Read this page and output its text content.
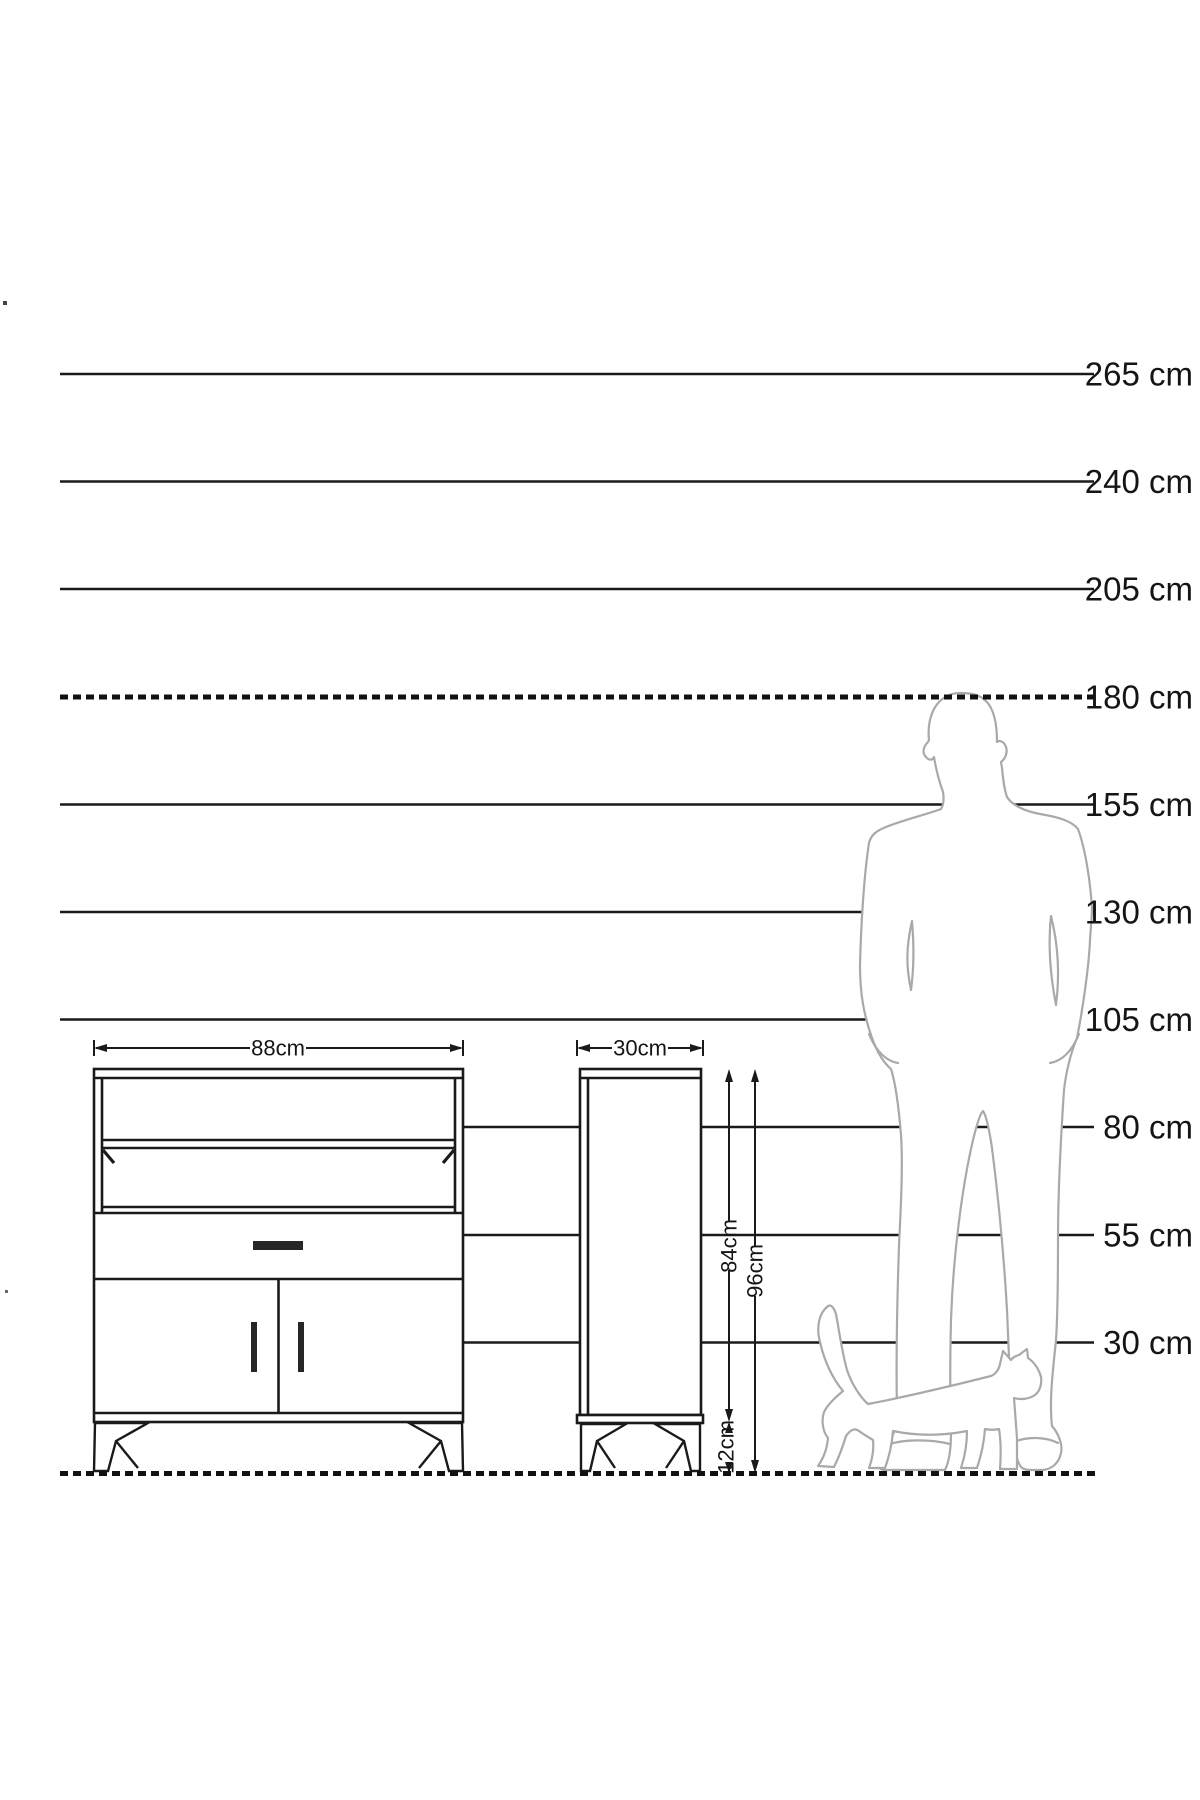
88cm	30cm
84cm 96cm
12cm
265 cm
240 cm
205 cm
180 cm
155 cm
130 cm
105 cm
80 cm
55 cm
30 cm
